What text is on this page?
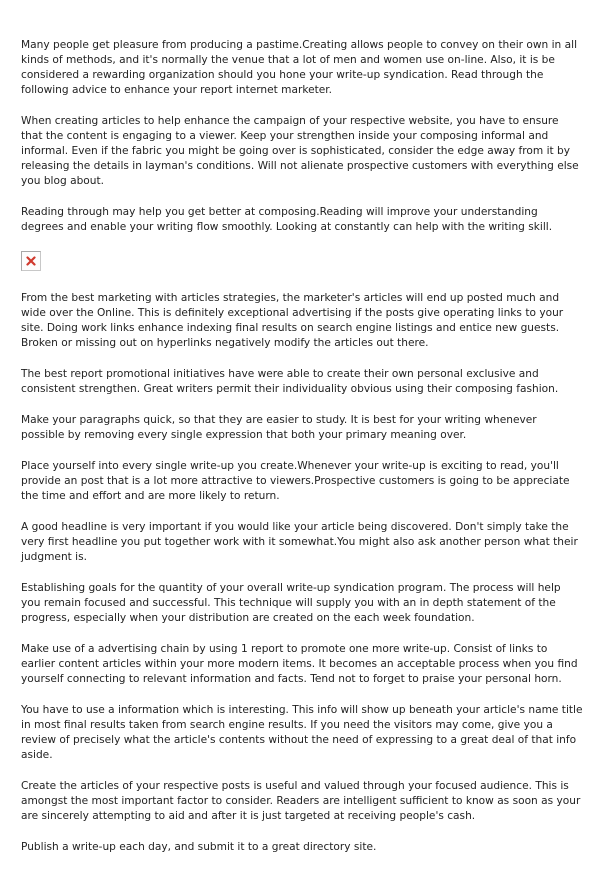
Many people get pleasure from producing a pastime.Creating allows people to convey on their own in all kinds of methods, and it's normally the venue that a lot of men and women use on-line. Also, it is be considered a rewarding organization should you hone your write-up syndication. Read through the following advice to enhance your report internet marketer.

When creating articles to help enhance the campaign of your respective website, you have to ensure that the content is engaging to a viewer. Keep your strengthen inside your composing informal and informal. Even if the fabric you might be going over is sophisticated, consider the edge away from it by releasing the details in layman's conditions. Will not alienate prospective customers with everything else you blog about.

Reading through may help you get better at composing.Reading will improve your understanding degrees and enable your writing flow smoothly. Looking at constantly can help with the writing skill.

From the best marketing with articles strategies, the marketer's articles will end up posted much and wide over the Online. This is definitely exceptional advertising if the posts give operating links to your site. Doing work links enhance indexing final results on search engine listings and entice new guests. Broken or missing out on hyperlinks negatively modify the articles out there.

The best report promotional initiatives have were able to create their own personal exclusive and consistent strengthen. Great writers permit their individuality obvious using their composing fashion.

Make your paragraphs quick, so that they are easier to study. It is best for your writing whenever possible by removing every single expression that both your primary meaning over.

Place yourself into every single write-up you create.Whenever your write-up is exciting to read, you'll provide an post that is a lot more attractive to viewers.Prospective customers is going to be appreciate the time and effort and are more likely to return.

A good headline is very important if you would like your article being discovered. Don't simply take the very first headline you put together work with it somewhat.You might also ask another person what their judgment is.

Establishing goals for the quantity of your overall write-up syndication program. The process will help you remain focused and successful. This technique will supply you with an in depth statement of the progress, especially when your distribution are created on the each week foundation.

Make use of a advertising chain by using 1 report to promote one more write-up. Consist of links to earlier content articles within your more modern items. It becomes an acceptable process when you find yourself connecting to relevant information and facts. Tend not to forget to praise your personal horn.

You have to use a information which is interesting. This info will show up beneath your article's name title in most final results taken from search engine results. If you need the visitors may come, give you a review of precisely what the article's contents without the need of expressing to a great deal of that info aside.

Create the articles of your respective posts is useful and valued through your focused audience. This is amongst the most important factor to consider. Readers are intelligent sufficient to know as soon as your are sincerely attempting to aid and after it is just targeted at receiving people's cash.

Publish a write-up each day, and submit it to a great directory site.
